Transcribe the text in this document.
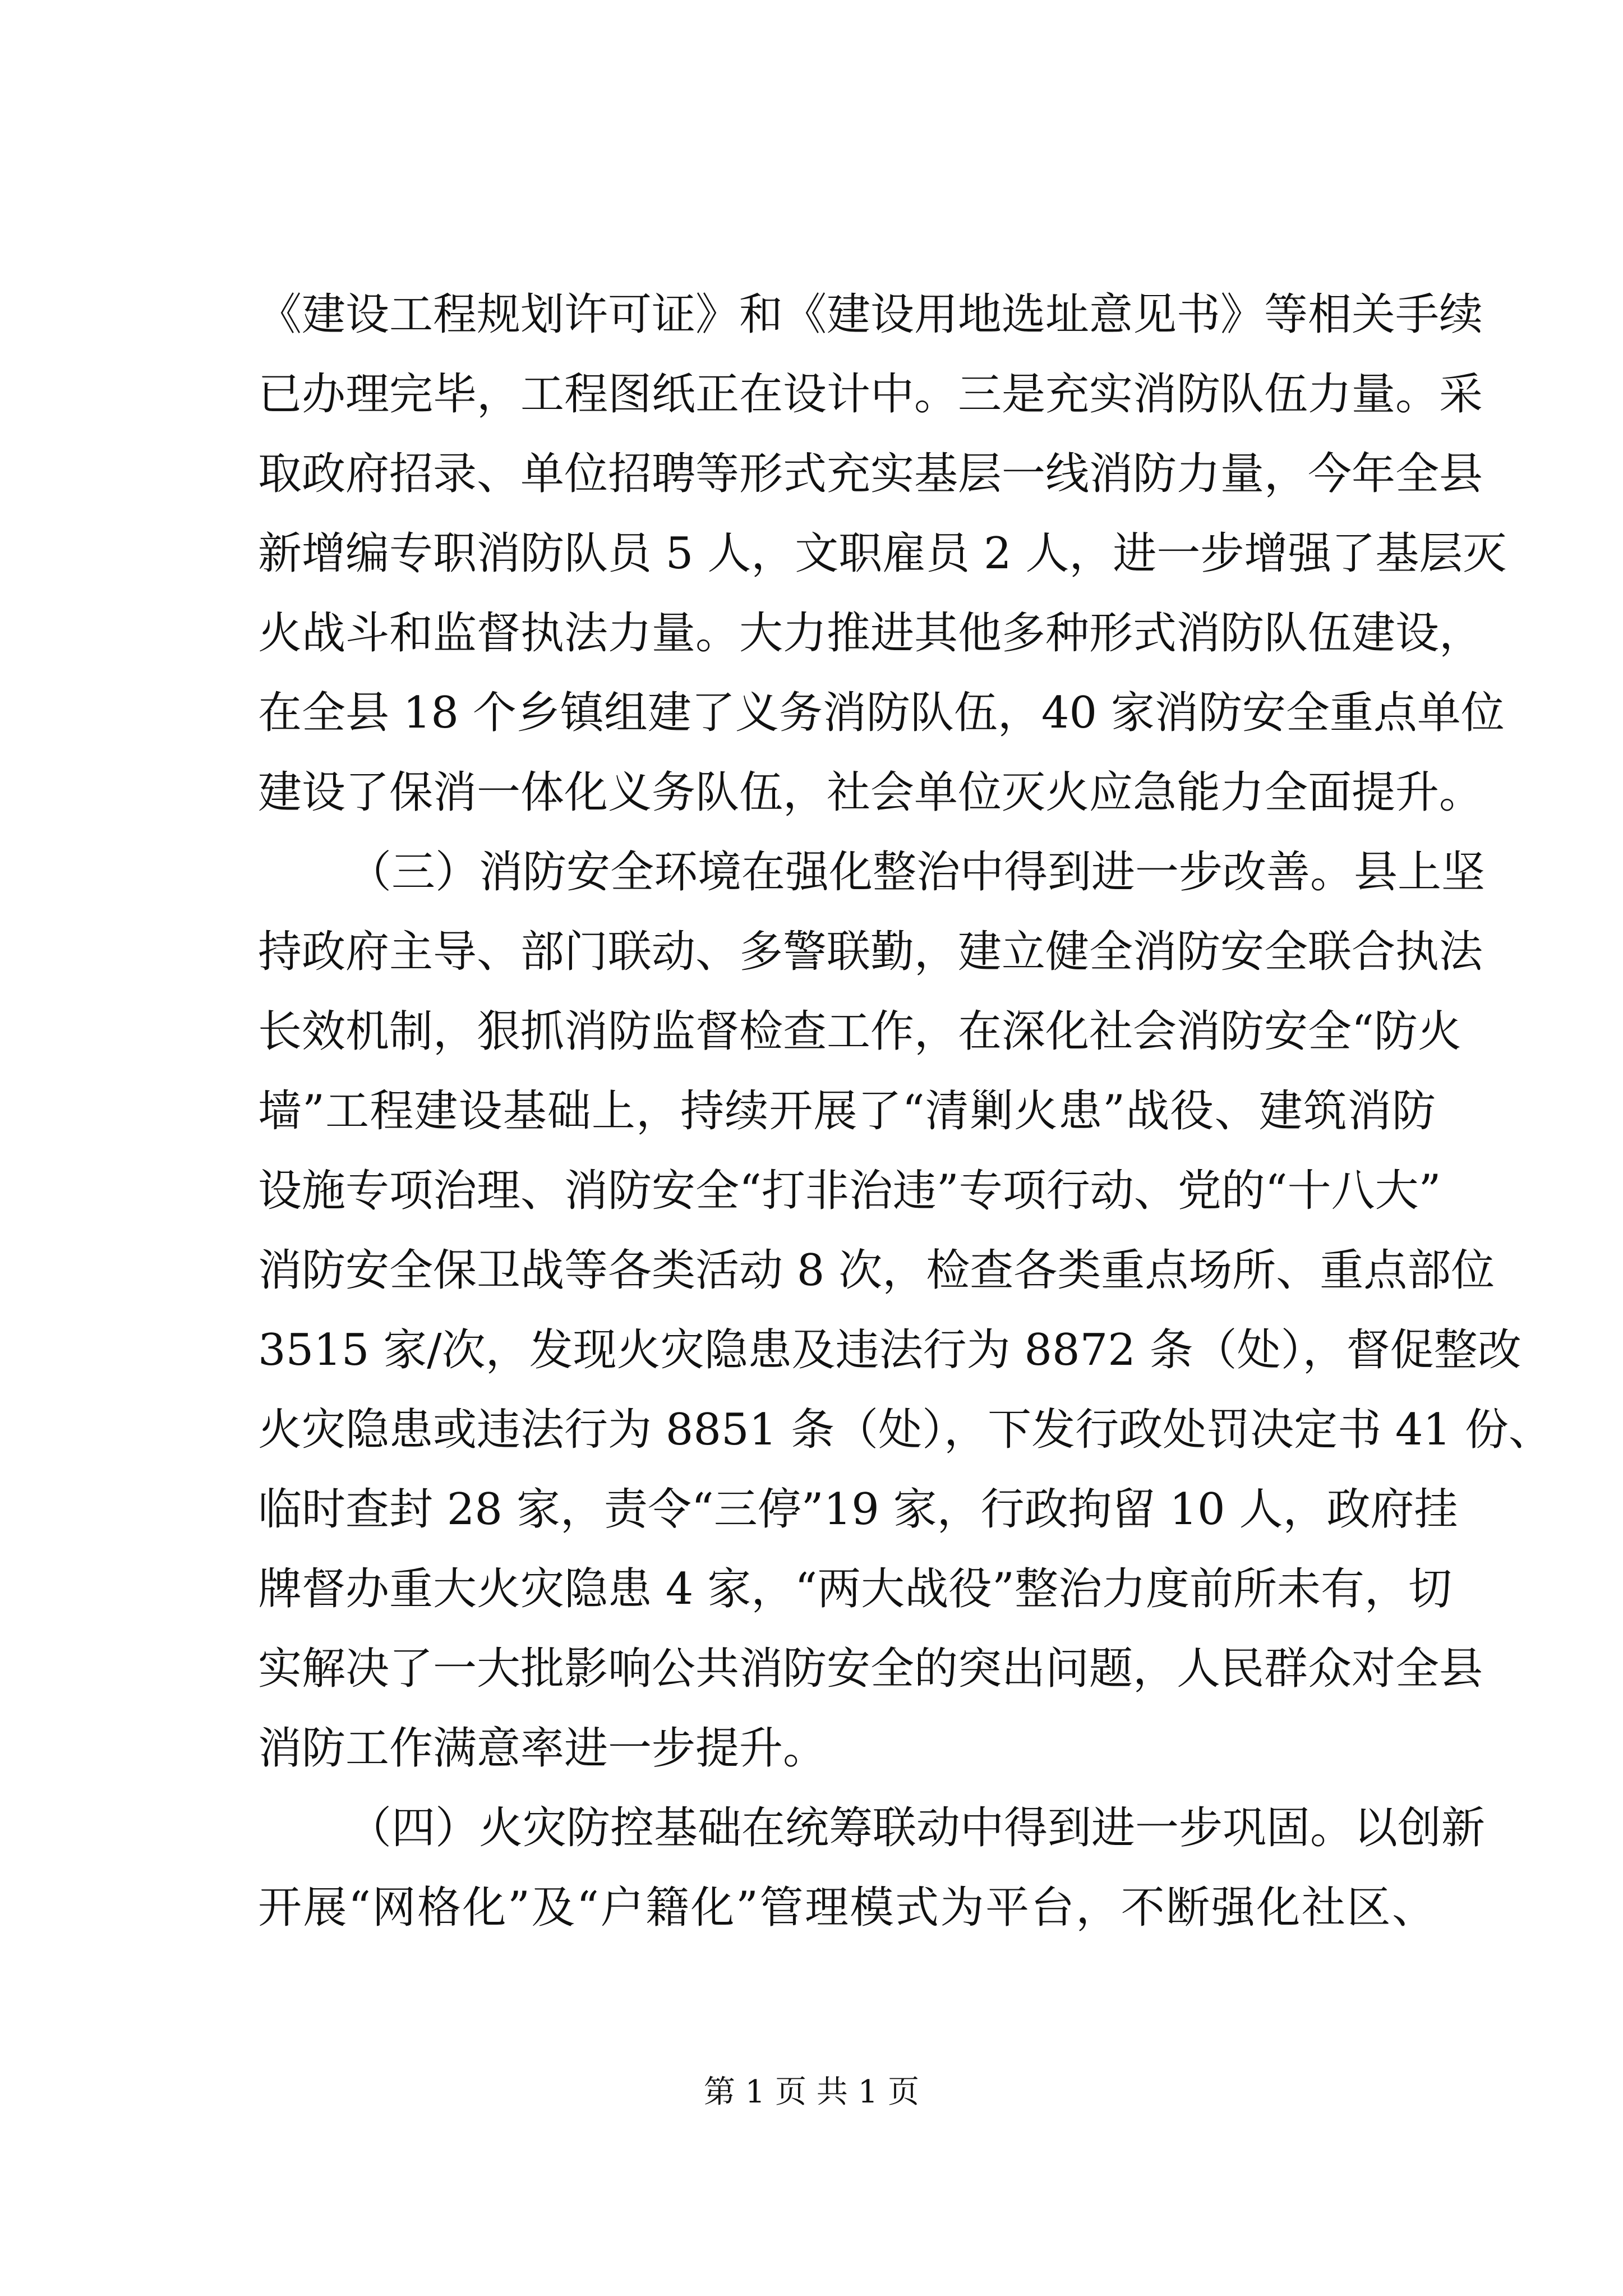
《建设工程规划许可证》和《建设用地选址意见书》等相关手续
已办理完毕，工程图纸正在设计中。三是充实消防队伍力量。采
取政府招录、单位招聘等形式充实基层一线消防力量，今年全县
新增编专职消防队员 5 人，文职雇员 2 人，进一步增强了基层灭
火战斗和监督执法力量。大力推进其他多种形式消防队伍建设，
在全县 18 个乡镇组建了义务消防队伍，40 家消防安全重点单位
建设了保消一体化义务队伍，社会单位灭火应急能力全面提升。
（三）消防安全环境在强化整治中得到进一步改善。县上坚
持政府主导、部门联动、多警联勤，建立健全消防安全联合执法
长效机制，狠抓消防监督检查工作，在深化社会消防安全“防火
墙”工程建设基础上，持续开展了“清剿火患”战役、建筑消防
设施专项治理、消防安全“打非治违”专项行动、党的“十八大”
消防安全保卫战等各类活动 8 次，检查各类重点场所、重点部位
3515 家/次，发现火灾隐患及违法行为 8872 条（处），督促整改
火灾隐患或违法行为 8851 条（处），下发行政处罚决定书 41 份、
临时查封 28 家，责令“三停”19 家，行政拘留 10 人，政府挂
牌督办重大火灾隐患 4 家，“两大战役”整治力度前所未有，切
实解决了一大批影响公共消防安全的突出问题，人民群众对全县
消防工作满意率进一步提升。
（四）火灾防控基础在统筹联动中得到进一步巩固。以创新
开展“网格化”及“户籍化”管理模式为平台，不断强化社区、
第 1 页 共 1 页
